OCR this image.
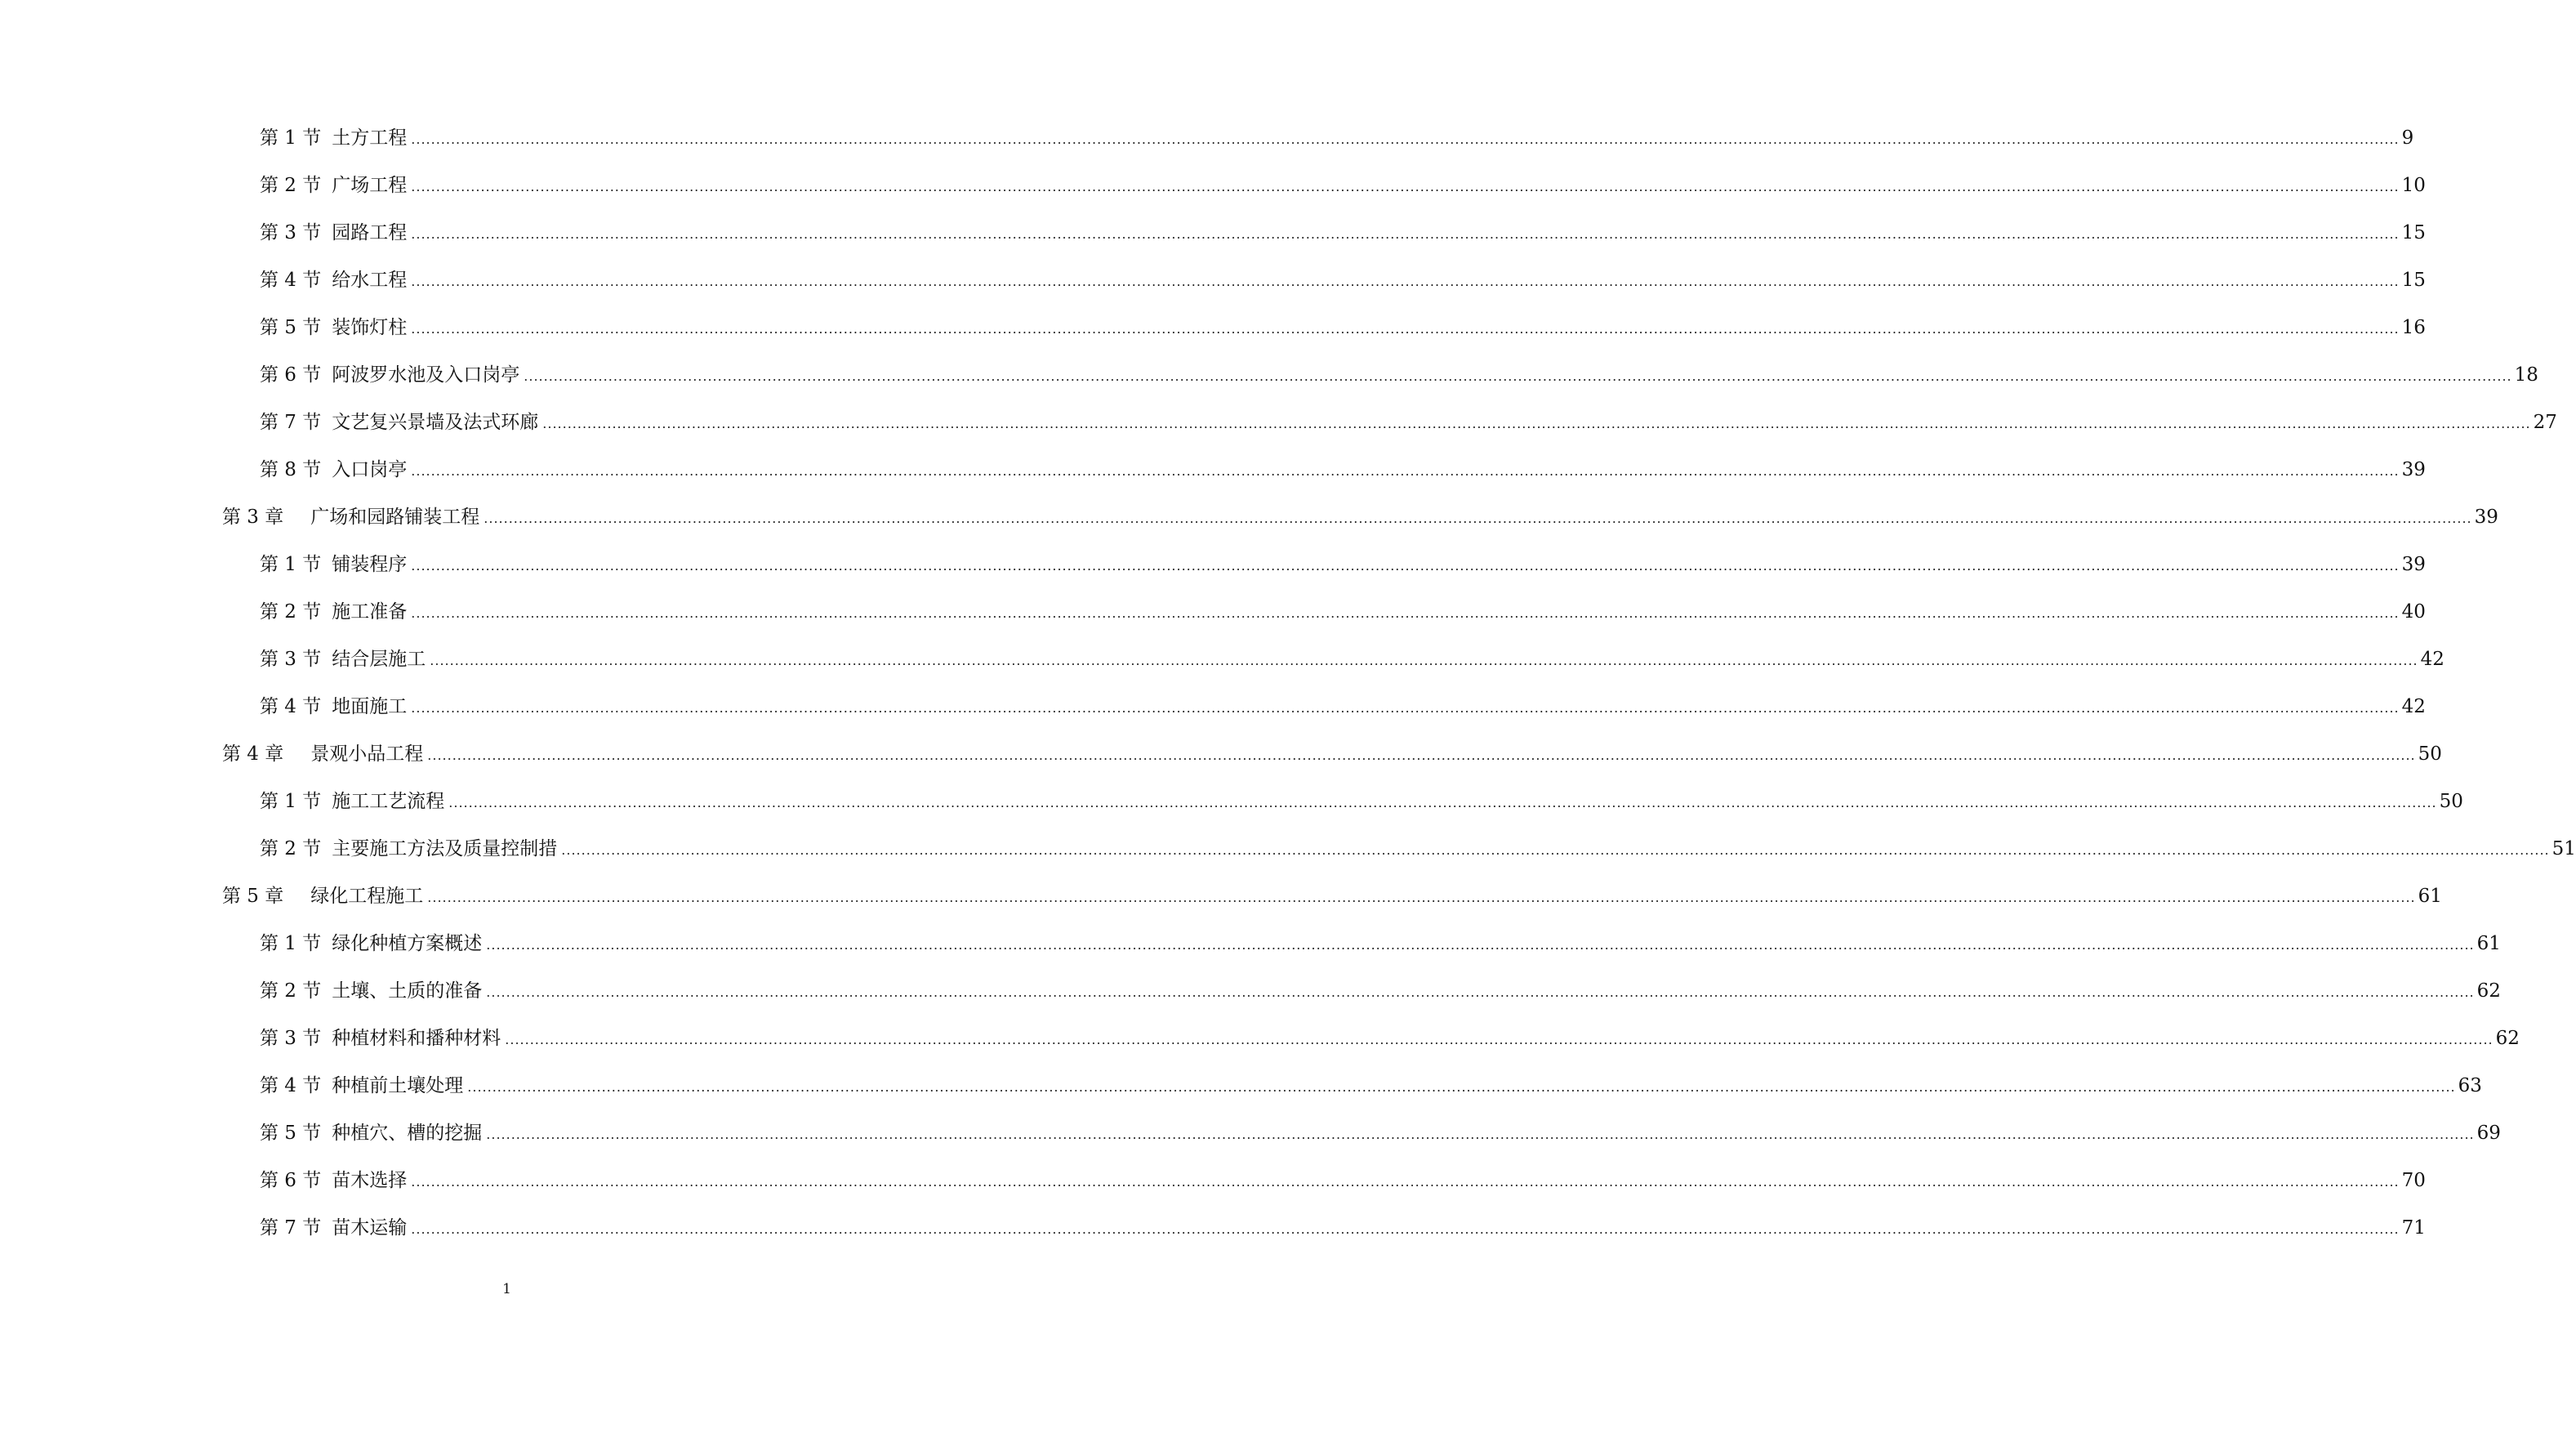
第 1 节 土方工程 ................................................................................................................................................................................................................................................................................................................................................................................................................ 9
第 2 节 广场工程 ................................................................................................................................................................................................................................................................................................................................................................................................................ 10
第 3 节 园路工程 ................................................................................................................................................................................................................................................................................................................................................................................................................ 15
第 4 节 给水工程 ................................................................................................................................................................................................................................................................................................................................................................................................................ 15
第 5 节 装饰灯柱 ................................................................................................................................................................................................................................................................................................................................................................................................................ 16
第 6 节 阿波罗水池及入口岗亭 ................................................................................................................................................................................................................................................................................................................................................................................................................ 18
第 7 节 文艺复兴景墙及法式环廊 ................................................................................................................................................................................................................................................................................................................................................................................................................ 27
第 8 节 入口岗亭 ................................................................................................................................................................................................................................................................................................................................................................................................................ 39
第 3 章 广场和园路铺装工程 ................................................................................................................................................................................................................................................................................................................................................................................................................ 39
第 1 节 铺装程序 ................................................................................................................................................................................................................................................................................................................................................................................................................ 39
第 2 节 施工准备 ................................................................................................................................................................................................................................................................................................................................................................................................................ 40
第 3 节 结合层施工 ................................................................................................................................................................................................................................................................................................................................................................................................................ 42
第 4 节 地面施工 ................................................................................................................................................................................................................................................................................................................................................................................................................ 42
第 4 章 景观小品工程 ................................................................................................................................................................................................................................................................................................................................................................................................................ 50
第 1 节 施工工艺流程 ................................................................................................................................................................................................................................................................................................................................................................................................................ 50
第 2 节 主要施工方法及质量控制措 ................................................................................................................................................................................................................................................................................................................................................................................................................ 51
第 5 章 绿化工程施工 ................................................................................................................................................................................................................................................................................................................................................................................................................ 61
第 1 节 绿化种植方案概述 ................................................................................................................................................................................................................................................................................................................................................................................................................ 61
第 2 节 土壤、土质的准备 ................................................................................................................................................................................................................................................................................................................................................................................................................ 62
第 3 节 种植材料和播种材料 ................................................................................................................................................................................................................................................................................................................................................................................................................ 62
第 4 节 种植前土壤处理 ................................................................................................................................................................................................................................................................................................................................................................................................................ 63
第 5 节 种植穴、槽的挖掘 ................................................................................................................................................................................................................................................................................................................................................................................................................ 69
第 6 节 苗木选择 ................................................................................................................................................................................................................................................................................................................................................................................................................ 70
第 7 节 苗木运输 ................................................................................................................................................................................................................................................................................................................................................................................................................ 71
1
